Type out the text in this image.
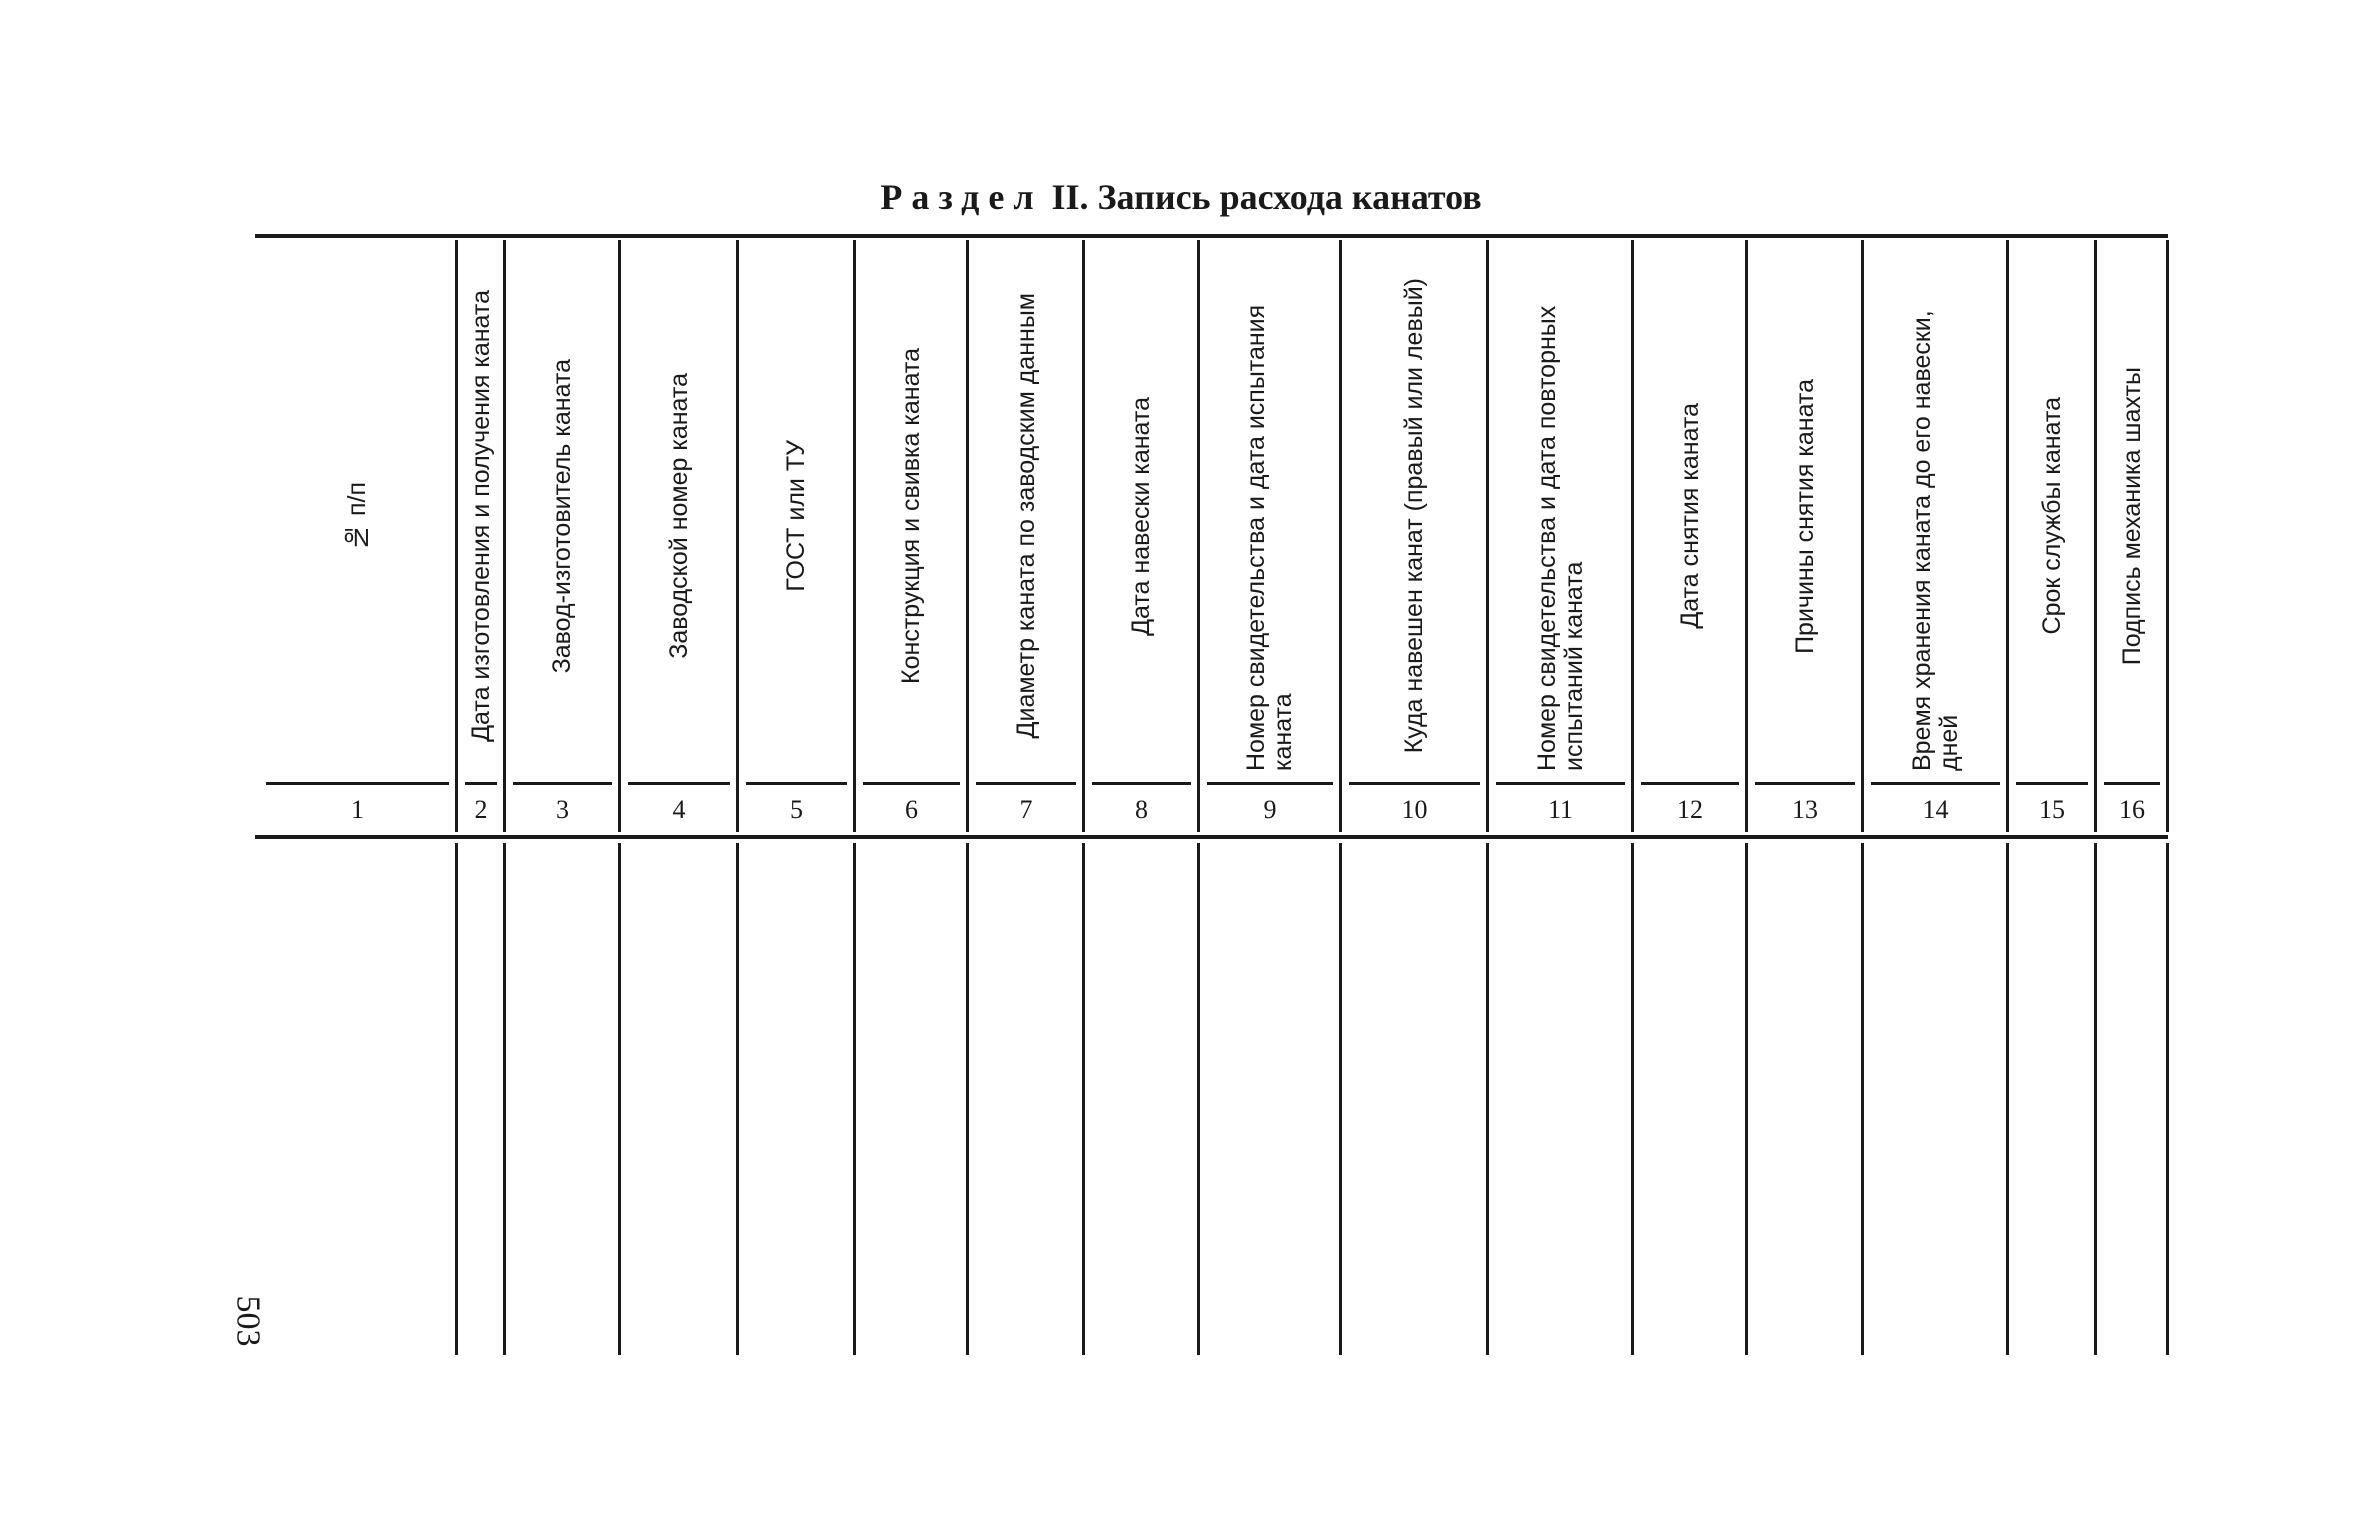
Раздел II. Запись расхода канатов
503
№ п/п
1
Дата изготовления и получения каната
2
Завод-изготовитель каната
3
Заводской номер каната
4
ГОСТ или ТУ
5
Конструкция и свивка каната
6
Диаметр каната по заводским данным
7
Дата навески каната
8
Номер свидетельства и дата испытания каната
9
Куда навешен канат (правый или левый)
10
Номер свидетельства и дата повторных испытаний каната
11
Дата снятия каната
12
Причины снятия каната
13
Время хранения каната до его навески, дней
14
Срок службы каната
15
Подпись механика шахты
16
